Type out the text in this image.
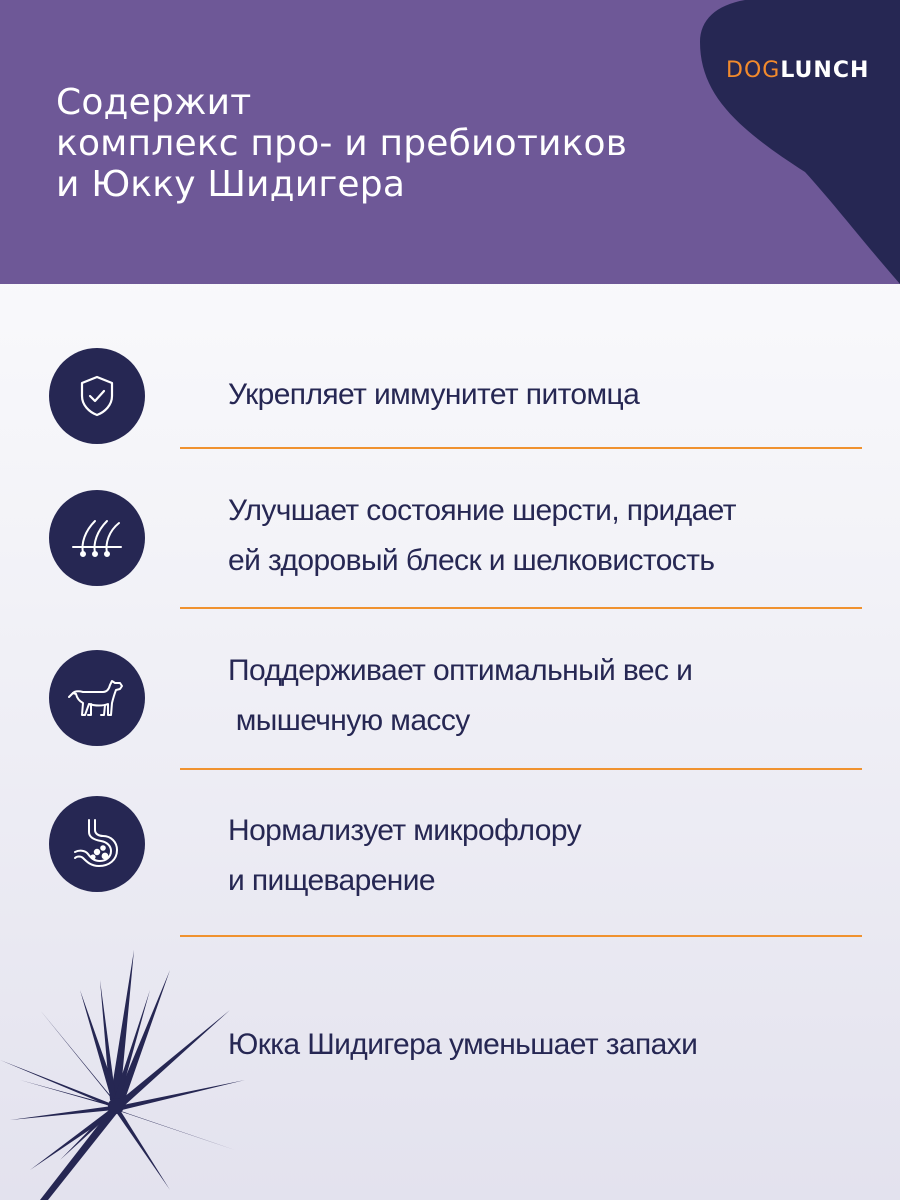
Содержит
комплекс про- и пребиотиков
и Юкку Шидигера
DOGLUNCH

Укрепляет иммунитет питомца

Улучшает состояние шерсти, придает
ей здоровый блеск и шелковистость

Поддерживает оптимальный вес и
мышечную массу

Нормализует микрофлору
и пищеварение

Юкка Шидигера уменьшает запахи
